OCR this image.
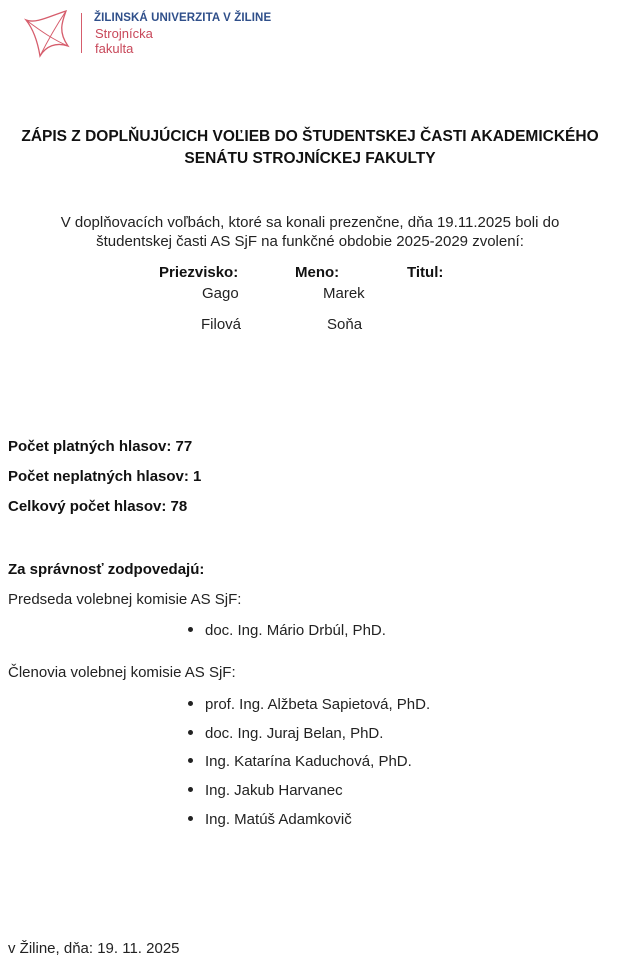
ŽILINSKÁ UNIVERZITA V ŽILINE
Strojnícka
fakulta
ZÁPIS Z DOPLŇUJÚCICH VOĽIEB DO ŠTUDENTSKEJ ČASTI AKADEMICKÉHO
SENÁTU STROJNÍCKEJ FAKULTY
V doplňovacích voľbách, ktoré sa konali prezenčne, dňa 19.11.2025 boli do
študentskej časti AS SjF na funkčné obdobie 2025-2029 zvolení:
Priezvisko:	Meno:	Titul:
Gago	Marek
Filová	Soňa
Počet platných hlasov: 77
Počet neplatných hlasov: 1
Celkový počet hlasov: 78
Za správnosť zodpovedajú:
Predseda volebnej komisie AS SjF:
doc. Ing. Mário Drbúl, PhD.
Členovia volebnej komisie AS SjF:
prof. Ing. Alžbeta Sapietová, PhD.
doc. Ing. Juraj Belan, PhD.
Ing. Katarína Kaduchová, PhD.
Ing. Jakub Harvanec
Ing. Matúš Adamkovič
v Žiline, dňa: 19. 11. 2025
